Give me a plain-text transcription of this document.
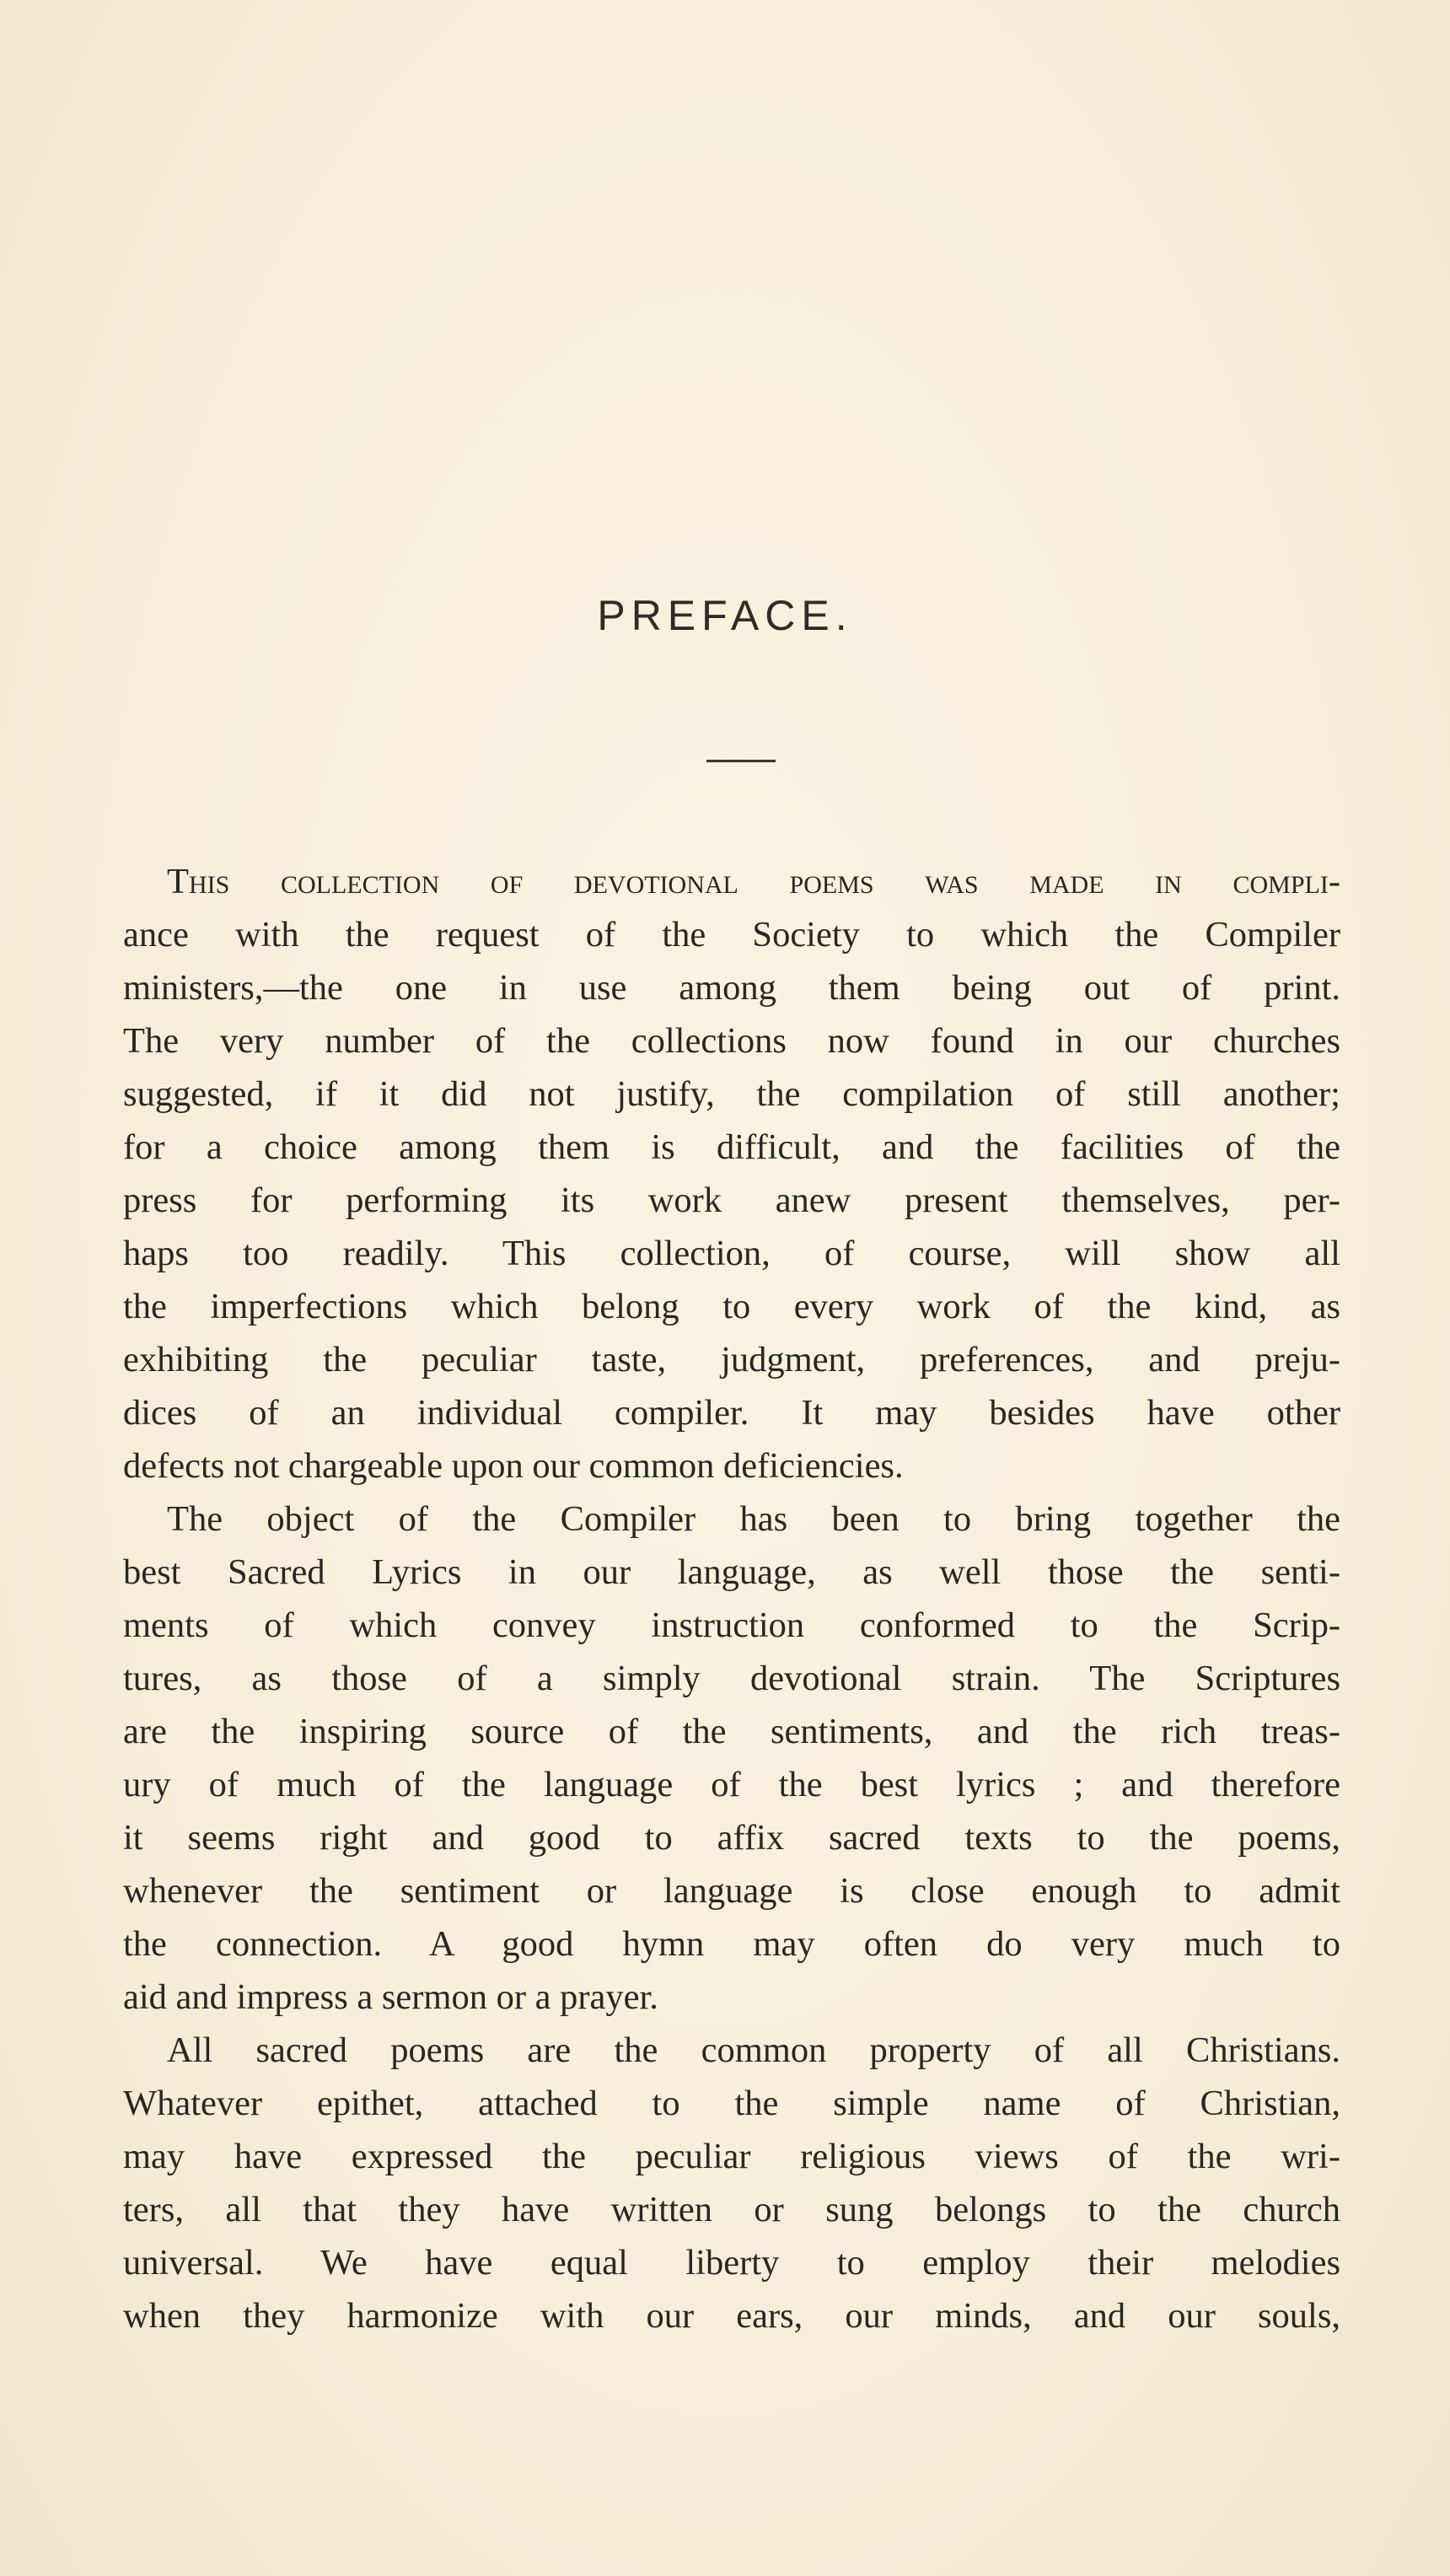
PREFACE.
This collection of devotional poems was made in compli-
ance with the request of the Society to which the Compiler
ministers,—the one in use among them being out of print.
The very number of the collections now found in our churches
suggested, if it did not justify, the compilation of still another;
for a choice among them is difficult, and the facilities of the
press for performing its work anew present themselves, per-
haps too readily. This collection, of course, will show all
the imperfections which belong to every work of the kind, as
exhibiting the peculiar taste, judgment, preferences, and preju-
dices of an individual compiler. It may besides have other
defects not chargeable upon our common deficiencies.
The object of the Compiler has been to bring together the
best Sacred Lyrics in our language, as well those the senti-
ments of which convey instruction conformed to the Scrip-
tures, as those of a simply devotional strain. The Scriptures
are the inspiring source of the sentiments, and the rich treas-
ury of much of the language of the best lyrics ; and therefore
it seems right and good to affix sacred texts to the poems,
whenever the sentiment or language is close enough to admit
the connection. A good hymn may often do very much to
aid and impress a sermon or a prayer.
All sacred poems are the common property of all Christians.
Whatever epithet, attached to the simple name of Christian,
may have expressed the peculiar religious views of the wri-
ters, all that they have written or sung belongs to the church
universal. We have equal liberty to employ their melodies
when they harmonize with our ears, our minds, and our souls,
